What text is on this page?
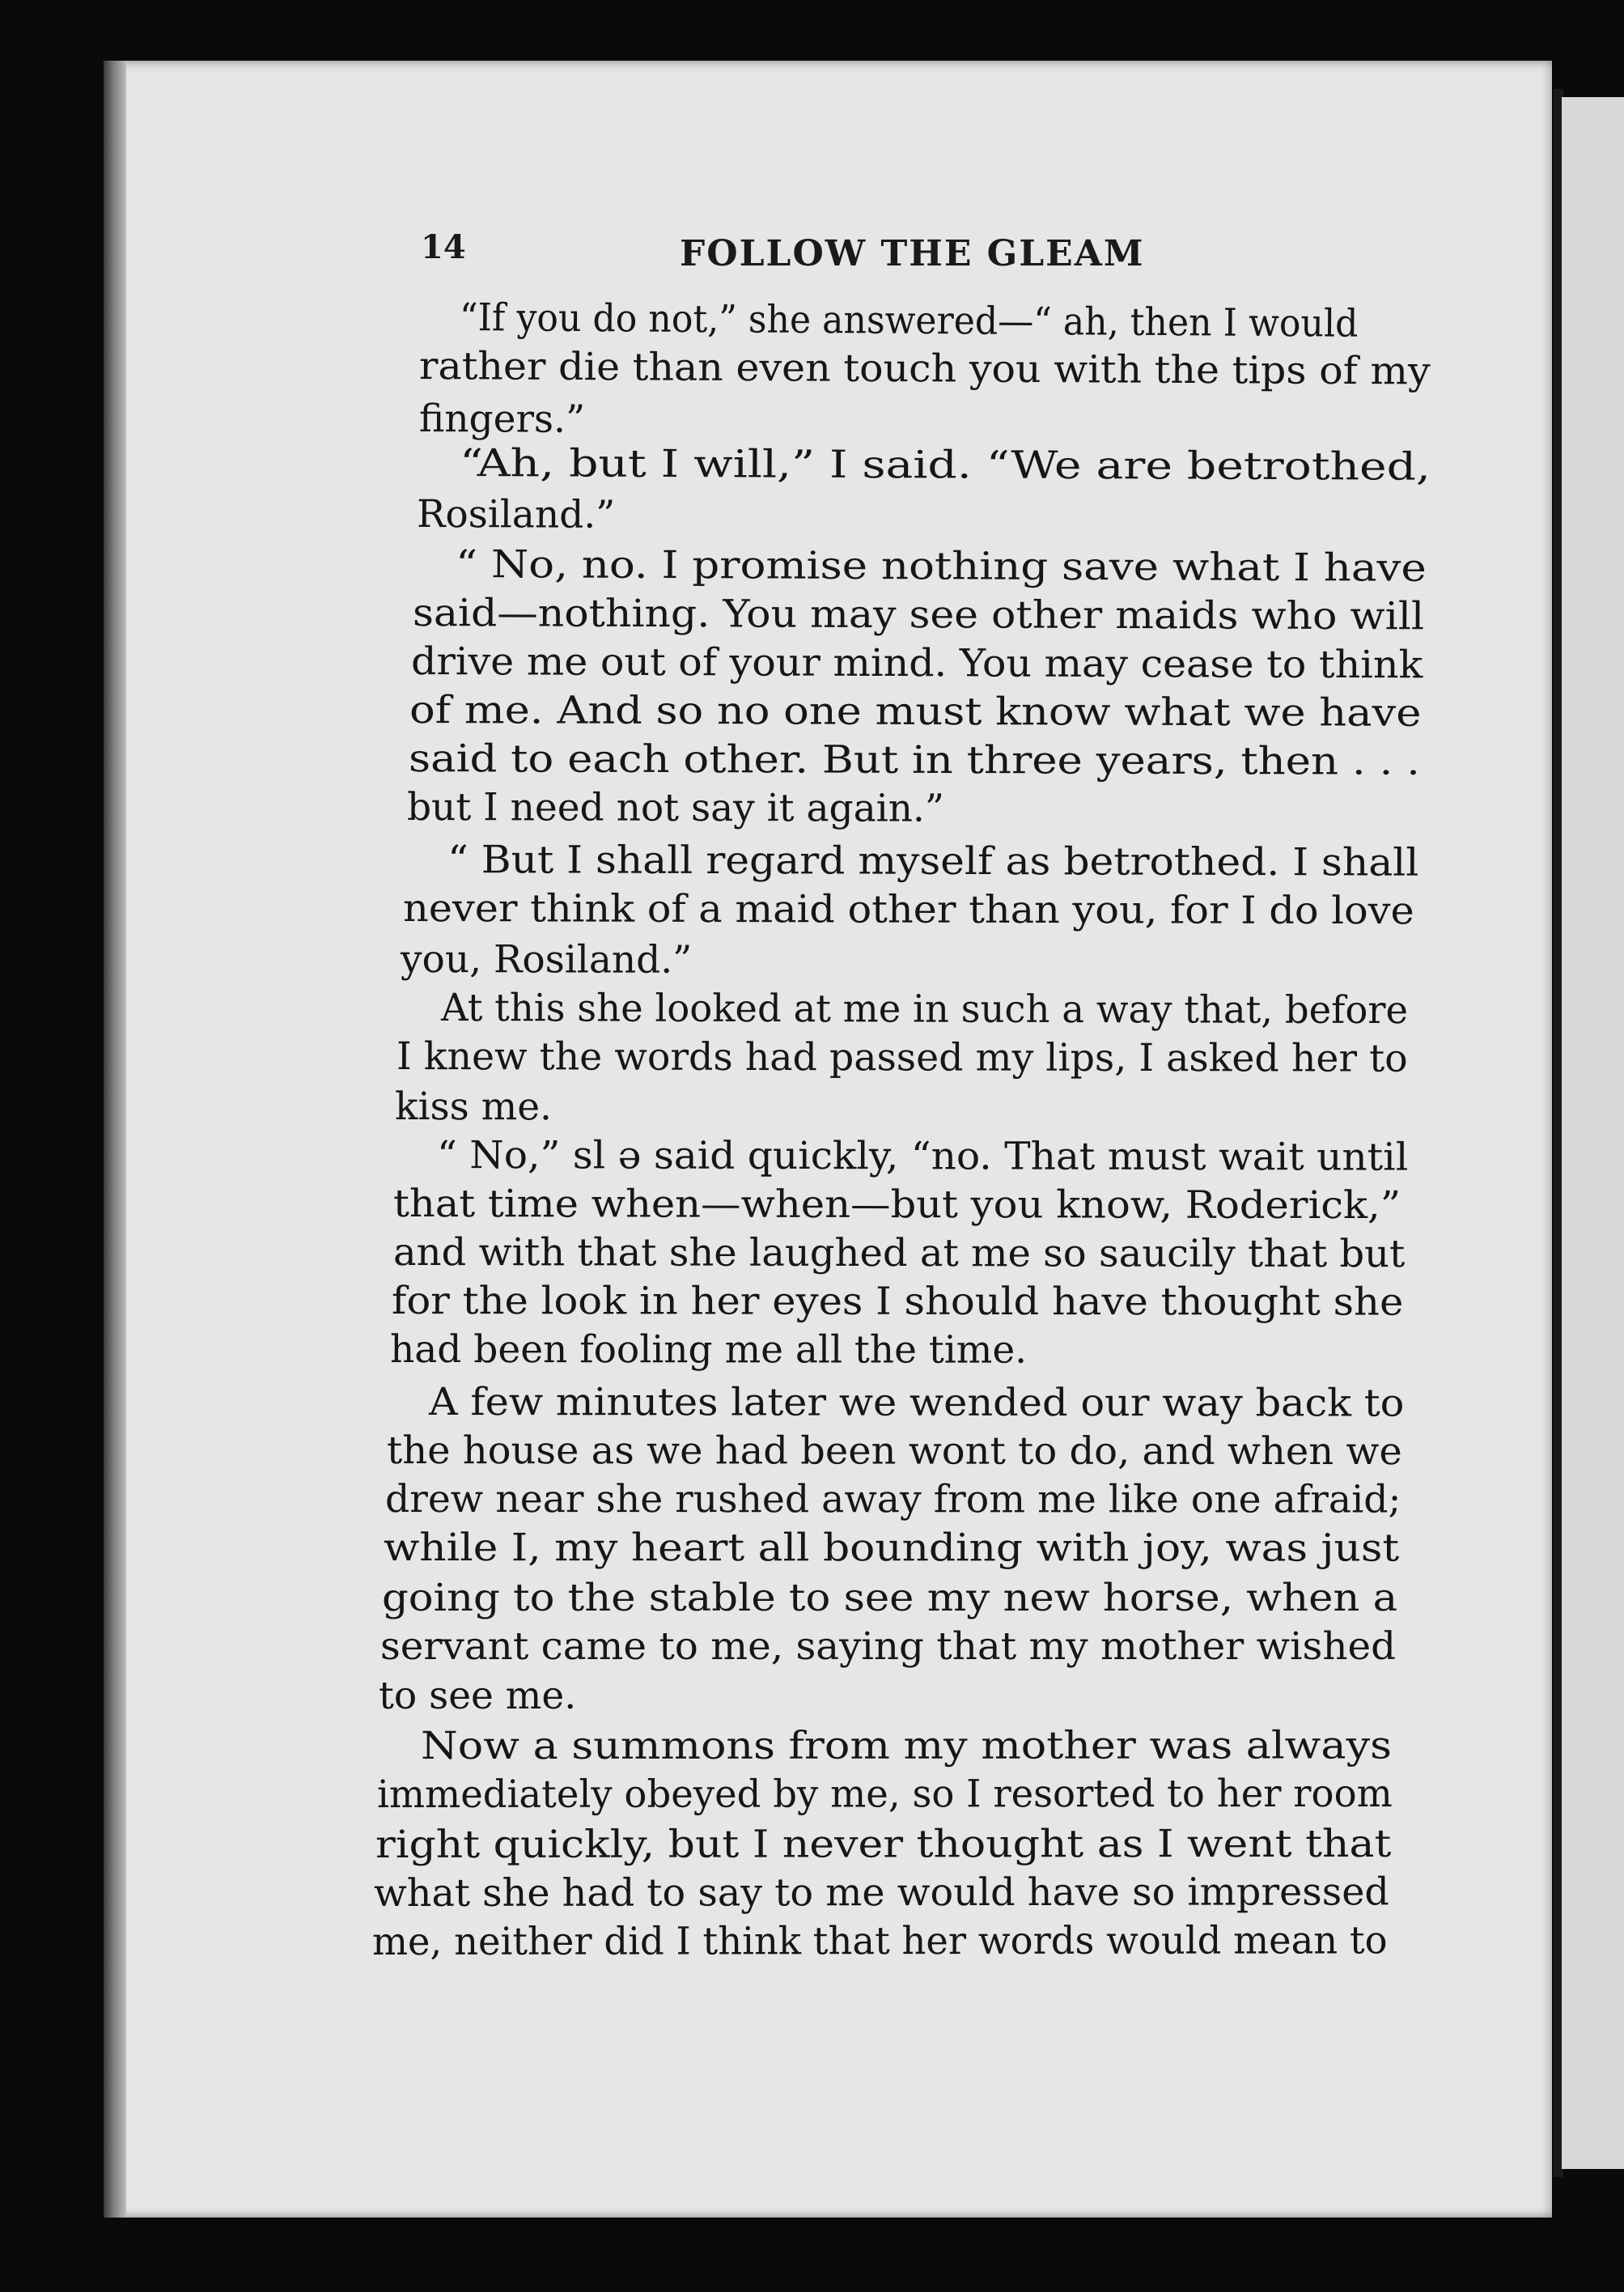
14	FOLLOW THE GLEAM
“If you do not,” she answered—“ ah, then I would
rather die than even touch you with the tips of my
fingers.”
“Ah, but I will,” I said. “We are betrothed,
Rosiland.”
“ No, no. I promise nothing save what I have
said—nothing. You may see other maids who will
drive me out of your mind. You may cease to think
of me. And so no one must know what we have
said to each other. But in three years, then . . .
but I need not say it again.”
“ But I shall regard myself as betrothed. I shall
never think of a maid other than you, for I do love
you, Rosiland.”
At this she looked at me in such a way that, before
I knew the words had passed my lips, I asked her to
kiss me.
“ No,” sl ə said quickly, “no. That must wait until
that time when—when—but you know, Roderick,”
and with that she laughed at me so saucily that but
for the look in her eyes I should have thought she
had been fooling me all the time.
A few minutes later we wended our way back to
the house as we had been wont to do, and when we
drew near she rushed away from me like one afraid;
while I, my heart all bounding with joy, was just
going to the stable to see my new horse, when a
servant came to me, saying that my mother wished
to see me.
Now a summons from my mother was always
immediately obeyed by me, so I resorted to her room
right quickly, but I never thought as I went that
what she had to say to me would have so impressed
me, neither did I think that her words would mean to
